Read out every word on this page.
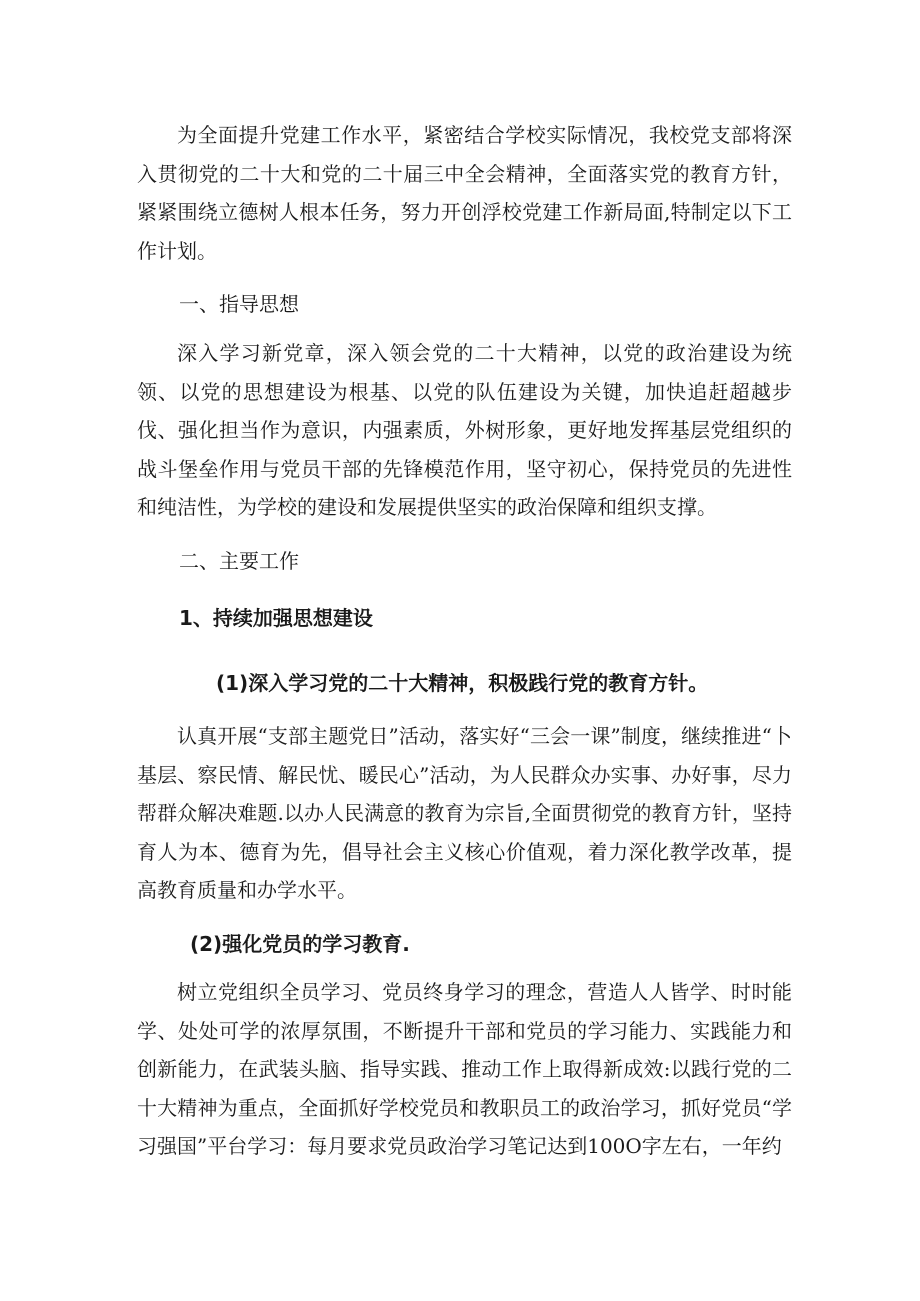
为全面提升党建工作水平，紧密结合学校实际情况，我校党支部将深入贯彻党的二十大和党的二十届三中全会精神，全面落实党的教育方针，紧紧围绕立德树人根本任务，努力开创浮校党建工作新局面,特制定以下工作计划。

一、指导思想

深入学习新党章，深入领会党的二十大精神，以党的政治建设为统领、以党的思想建设为根基、以党的队伍建设为关键，加快追赶超越步伐、强化担当作为意识，内强素质，外树形象，更好地发挥基层党组织的战斗堡垒作用与党员干部的先锋模范作用，坚守初心，保持党员的先进性和纯洁性，为学校的建设和发展提供坚实的政治保障和组织支撑。

二、主要工作
1、持续加强思想建设
(1)深入学习党的二十大精神，积极践行党的教育方针。

认真开展“支部主题党日”活动，落实好“三会一课”制度，继续推进“卜基层、察民情、解民忧、暖民心”活动，为人民群众办实事、办好事，尽力帮群众解决难题.以办人民满意的教育为宗旨,全面贯彻党的教育方针，坚持育人为本、德育为先，倡导社会主义核心价值观，着力深化教学改革，提高教育质量和办学水平。

(2)强化党员的学习教育.

树立党组织全员学习、党员终身学习的理念，营造人人皆学、时时能学、处处可学的浓厚氛围，不断提升干部和党员的学习能力、实践能力和创新能力，在武装头脑、指导实践、推动工作上取得新成效:以践行党的二十大精神为重点，全面抓好学校党员和教职员工的政治学习，抓好党员“学习强国”平台学习：每月要求党员政治学习笔记达到100O字左右，一年约
